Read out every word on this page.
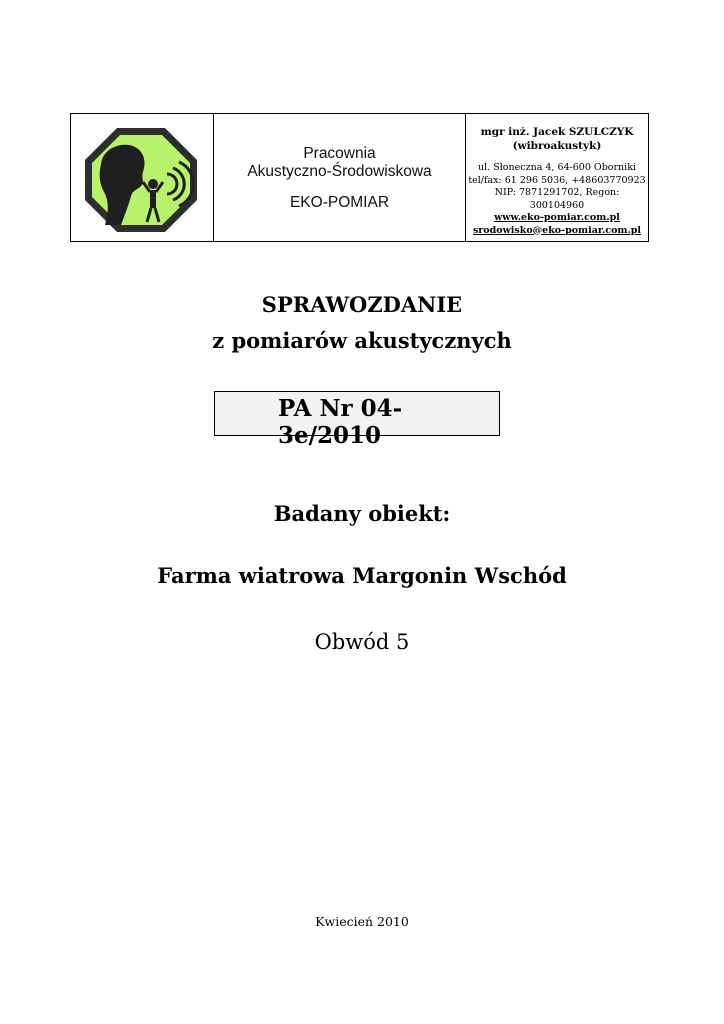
Pracownia
Akustyczno-Środowiskowa
EKO-POMIAR
mgr inż. Jacek SZULCZYK
(wibroakustyk)
ul. Słoneczna 4, 64-600 Oborniki
tel/fax: 61 296 5036, +48603770923
NIP: 7871291702, Regon: 300104960
www.eko-pomiar.com.pl
srodowisko@eko-pomiar.com.pl
SPRAWOZDANIE
z pomiarów akustycznych
PA Nr 04-3e/2010
Badany obiekt:
Farma wiatrowa Margonin Wschód
Obwód 5
Kwiecień 2010
